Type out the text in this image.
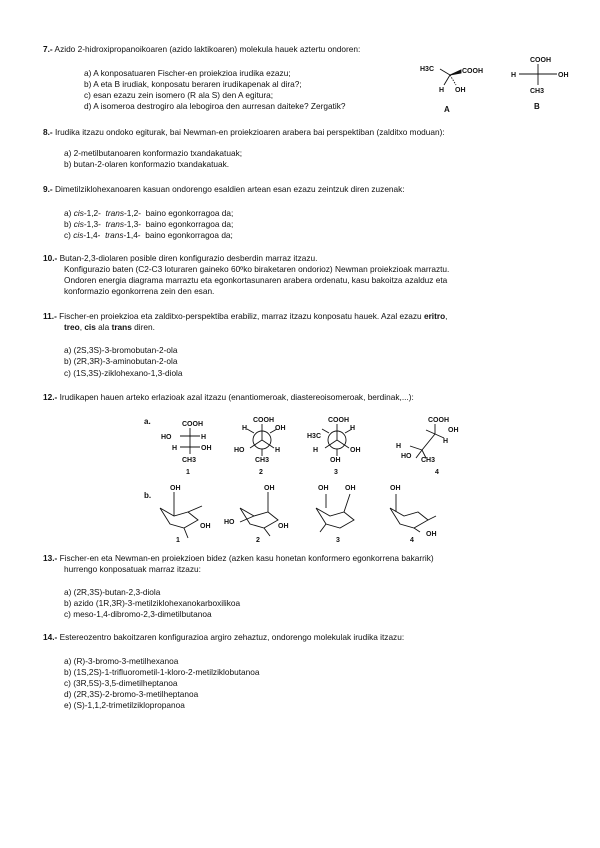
7.- Azido 2-hidroxipropanoikoaren (azido laktikoaren) molekula hauek aztertu ondoren:
a) A konposatuaren Fischer-en proiekzioa irudika ezazu;
b) A eta B irudiak, konposatu beraren irudikapenak al dira?;
c) esan ezazu zein isomero (R ala S) den A egitura;
d) A isomeroa destrogiro ala lebogiroa den aurresan daiteke? Zergatik?
H3C	COOH
H OH
A
COOH
H	OH
CH3
B
8.- Irudika itzazu ondoko egiturak, bai Newman-en proiekzioaren arabera bai perspektiban (zalditxo moduan):
a) 2-metilbutanoaren konformazio txandakatuak;
b) butan-2-olaren konformazio txandakatuak.
9.- Dimetilziklohexanoaren kasuan ondorengo esaldien artean esan ezazu zeintzuk diren zuzenak:
a) cis-1,2- trans-1,2- baino egonkorragoa da;
b) cis-1,3- trans-1,3- baino egonkorragoa da;
c) cis-1,4- trans-1,4- baino egonkorragoa da;
10.- Butan-2,3-diolaren posible diren konfigurazio desberdin marraz itzazu.
Konfigurazio baten (C2-C3 loturaren gaineko 60ºko biraketaren ondorioz) Newman proiekzioak marraztu.
Ondoren energia diagrama marraztu eta egonkortasunaren arabera ordenatu, kasu bakoitza azalduz eta
konformazio egonkorrena zein den esan.
11.- Fischer-en proiekzioa eta zalditxo-perspektiba erabiliz, marraz itzazu konposatu hauek. Azal ezazu eritro,
treo, cis ala trans diren.
a) (2S,3S)-3-bromobutan-2-ola
b) (2R,3R)-3-aminobutan-2-ola
c) (1S,3S)-ziklohexano-1,3-diola
12.- Irudikapen hauen arteko erlazioak azal itzazu (enantiomeroak, diastereoisomeroak, berdinak,...):
a.
b.
COOH
HO	H
H	OH
CH3
1
COOH
H	OH
HO	H
CH3
2
COOH
H3C
H
H	OH
OH
3
COOH
H
OH
H
HO
CH3
4
OH
OH
1
HO
OH
OH
2
OH OH
3
OH
OH
4
13.- Fischer-en eta Newman-en proiekzioen bidez (azken kasu honetan konformero egonkorrena bakarrik)
hurrengo konposatuak marraz itzazu:
a) (2R,3S)-butan-2,3-diola
b) azido (1R,3R)-3-metilziklohexanokarboxilikoa
c) meso-1,4-dibromo-2,3-dimetilbutanoa
14.- Estereozentro bakoitzaren konfigurazioa argiro zehaztuz, ondorengo molekulak irudika itzazu:
a) (R)-3-bromo-3-metilhexanoa
b) (1S,2S)-1-trifluorometil-1-kloro-2-metilziklobutanoa
c) (3R,5S)-3,5-dimetilheptanoa
d) (2R,3S)-2-bromo-3-metilheptanoa
e) (S)-1,1,2-trimetilziklopropanoa
